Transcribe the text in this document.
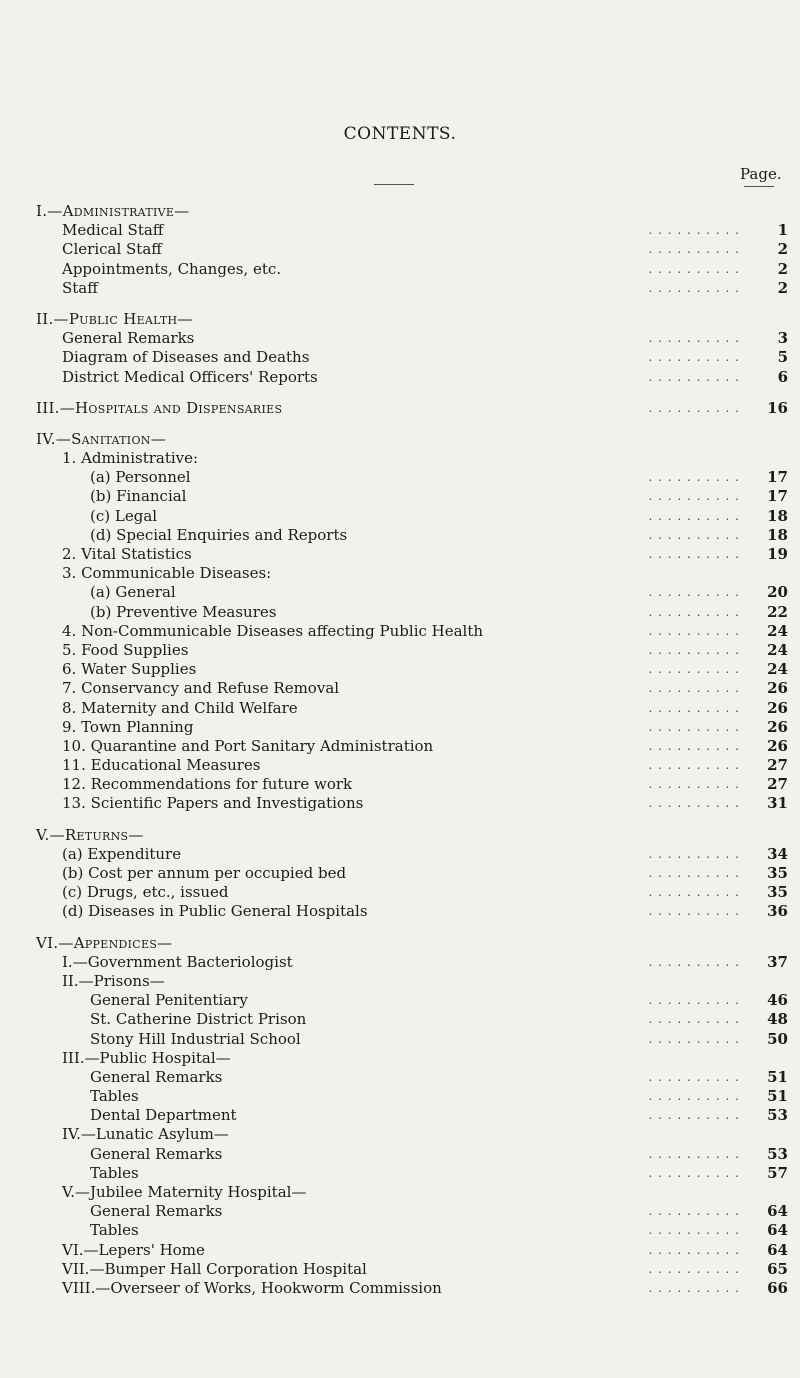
CONTENTS.
Page.
I.—Administrative—
Medical Staff	. . . . . . . . . .	1
Clerical Staff	. . . . . . . . . .	2
Appointments, Changes, etc.	. . . . . . . . . .	2
Staff	. . . . . . . . . .	2
II.—Public Health—
General Remarks	. . . . . . . . . .	3
Diagram of Diseases and Deaths	. . . . . . . . . .	5
District Medical Officers' Reports	. . . . . . . . . .	6
III.—Hospitals and Dispensaries	. . . . . . . . . .	16
IV.—Sanitation—
1. Administrative:
(a) Personnel	. . . . . . . . . .	17
(b) Financial	. . . . . . . . . .	17
(c) Legal	. . . . . . . . . .	18
(d) Special Enquiries and Reports	. . . . . . . . . .	18
2. Vital Statistics	. . . . . . . . . .	19
3. Communicable Diseases:
(a) General	. . . . . . . . . .	20
(b) Preventive Measures	. . . . . . . . . .	22
4. Non-Communicable Diseases affecting Public Health	. . . . . . . . . .	24
5. Food Supplies	. . . . . . . . . .	24
6. Water Supplies	. . . . . . . . . .	24
7. Conservancy and Refuse Removal	. . . . . . . . . .	26
8. Maternity and Child Welfare	. . . . . . . . . .	26
9. Town Planning	. . . . . . . . . .	26
10. Quarantine and Port Sanitary Administration	. . . . . . . . . .	26
11. Educational Measures	. . . . . . . . . .	27
12. Recommendations for future work	. . . . . . . . . .	27
13. Scientific Papers and Investigations	. . . . . . . . . .	31
V.—Returns—
(a) Expenditure	. . . . . . . . . .	34
(b) Cost per annum per occupied bed	. . . . . . . . . .	35
(c) Drugs, etc., issued	. . . . . . . . . .	35
(d) Diseases in Public General Hospitals	. . . . . . . . . .	36
VI.—Appendices—
I.—Government Bacteriologist	. . . . . . . . . .	37
II.—Prisons—
General Penitentiary	. . . . . . . . . .	46
St. Catherine District Prison	. . . . . . . . . .	48
Stony Hill Industrial School	. . . . . . . . . .	50
III.—Public Hospital—
General Remarks	. . . . . . . . . .	51
Tables	. . . . . . . . . .	51
Dental Department	. . . . . . . . . .	53
IV.—Lunatic Asylum—
General Remarks	. . . . . . . . . .	53
Tables	. . . . . . . . . .	57
V.—Jubilee Maternity Hospital—
General Remarks	. . . . . . . . . .	64
Tables	. . . . . . . . . .	64
VI.—Lepers' Home	. . . . . . . . . .	64
VII.—Bumper Hall Corporation Hospital	. . . . . . . . . .	65
VIII.—Overseer of Works, Hookworm Commission	. . . . . . . . . .	66
